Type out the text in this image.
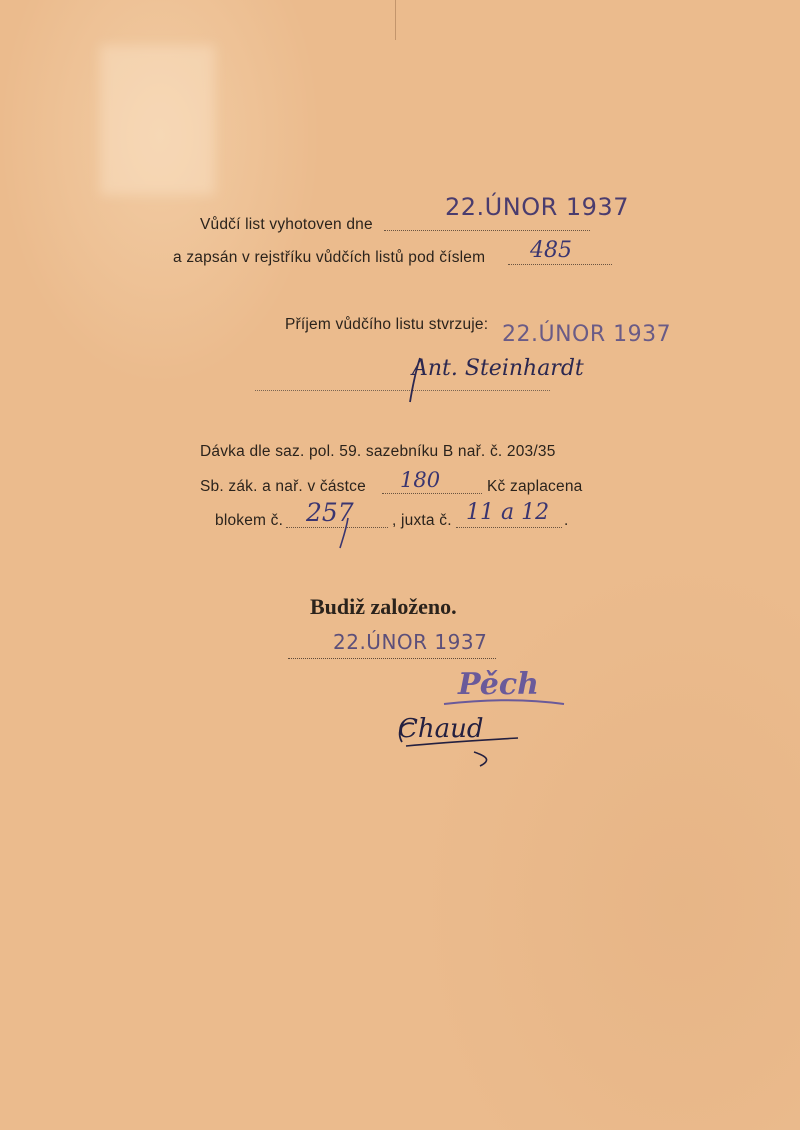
Vůdčí list vyhotoven dne
22.ÚNOR 1937
a zapsán v rejstříku vůdčích listů pod číslem 485
Příjem vůdčího listu stvrzuje: 22.ÚNOR 1937
Ant. Steinhardt
Dávka dle saz. pol. 59. sazebníku B nař. č. 203/35
Sb. zák. a nař. v částce 180	Kč zaplacena
blokem č. 257 , juxta č. 11 a 12 .
Budiž založeno.
22.ÚNOR 1937
Pěch
Chaud
